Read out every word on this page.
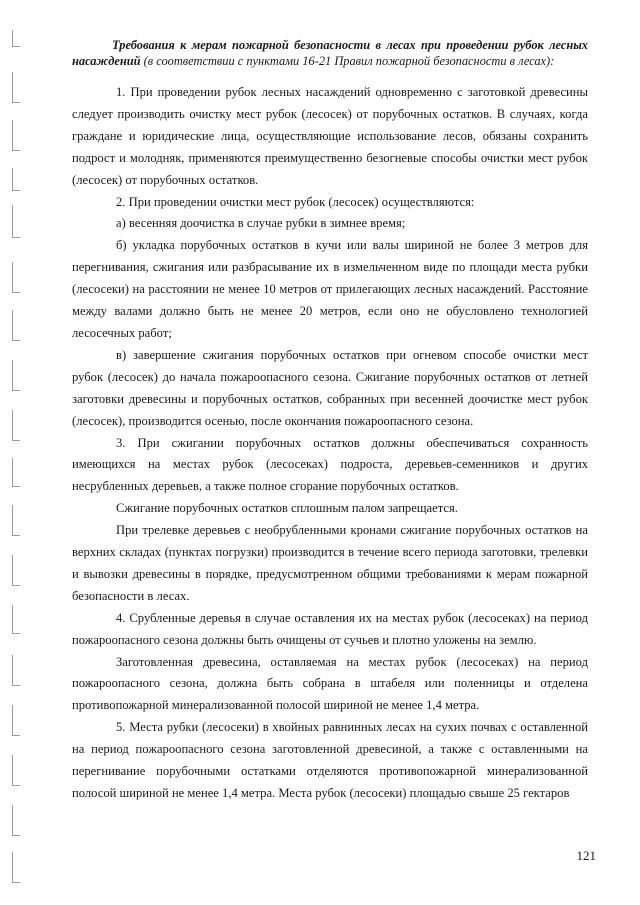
Требования к мерам пожарной безопасности в лесах при проведении рубок лесных насаждений (в соответствии с пунктами 16-21 Правил пожарной безопасности в лесах):

1. При проведении рубок лесных насаждений одновременно с заготовкой древесины следует производить очистку мест рубок (лесосек) от порубочных остатков. В случаях, когда граждане и юридические лица, осуществляющие использование лесов, обязаны сохранить подрост и молодняк, применяются преимущественно безогневые способы очистки мест рубок (лесосек) от порубочных остатков.

2. При проведении очистки мест рубок (лесосек) осуществляются:

а) весенняя доочистка в случае рубки в зимнее время;

б) укладка порубочных остатков в кучи или валы шириной не более 3 метров для перегнивания, сжигания или разбрасывание их в измельченном виде по площади места рубки (лесосеки) на расстоянии не менее 10 метров от прилегающих лесных насаждений. Расстояние между валами должно быть не менее 20 метров, если оно не обусловлено технологией лесосечных работ;

в) завершение сжигания порубочных остатков при огневом способе очистки мест рубок (лесосек) до начала пожароопасного сезона. Сжигание порубочных остатков от летней заготовки древесины и порубочных остатков, собранных при весенней доочистке мест рубок (лесосек), производится осенью, после окончания пожароопасного сезона.

3. При сжигании порубочных остатков должны обеспечиваться сохранность имеющихся на местах рубок (лесосеках) подроста, деревьев-семенников и других несрубленных деревьев, а также полное сгорание порубочных остатков.

Сжигание порубочных остатков сплошным палом запрещается.

При трелевке деревьев с необрубленными кронами сжигание порубочных остатков на верхних складах (пунктах погрузки) производится в течение всего периода заготовки, трелевки и вывозки древесины в порядке, предусмотренном общими требованиями к мерам пожарной безопасности в лесах.

4. Срубленные деревья в случае оставления их на местах рубок (лесосеках) на период пожароопасного сезона должны быть очищены от сучьев и плотно уложены на землю.

Заготовленная древесина, оставляемая на местах рубок (лесосеках) на период пожароопасного сезона, должна быть собрана в штабеля или поленницы и отделена противопожарной минерализованной полосой шириной не менее 1,4 метра.

5. Места рубки (лесосеки) в хвойных равнинных лесах на сухих почвах с оставленной на период пожароопасного сезона заготовленной древесиной, а также с оставленными на перегнивание порубочными остатками отделяются противопожарной минерализованной полосой шириной не менее 1,4 метра. Места рубок (лесосеки) площадью свыше 25 гектаров

121
